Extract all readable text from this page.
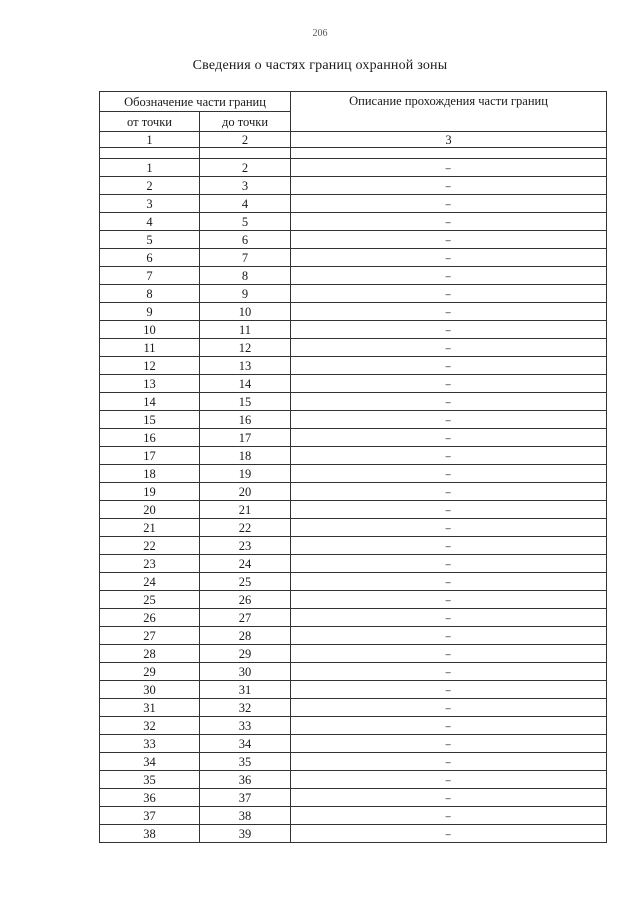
206
Сведения о частях границ охранной зоны
Обозначение части границ		Описание прохождения части границ
от точки	до точки	
1	2	3

1	2	–
2	3	–
3	4	–
4	5	–
5	6	–
6	7	–
7	8	–
8	9	–
9	10	–
10	11	–
11	12	–
12	13	–
13	14	–
14	15	–
15	16	–
16	17	–
17	18	–
18	19	–
19	20	–
20	21	–
21	22	–
22	23	–
23	24	–
24	25	–
25	26	–
26	27	–
27	28	–
28	29	–
29	30	–
30	31	–
31	32	–
32	33	–
33	34	–
34	35	–
35	36	–
36	37	–
37	38	–
38	39	–
